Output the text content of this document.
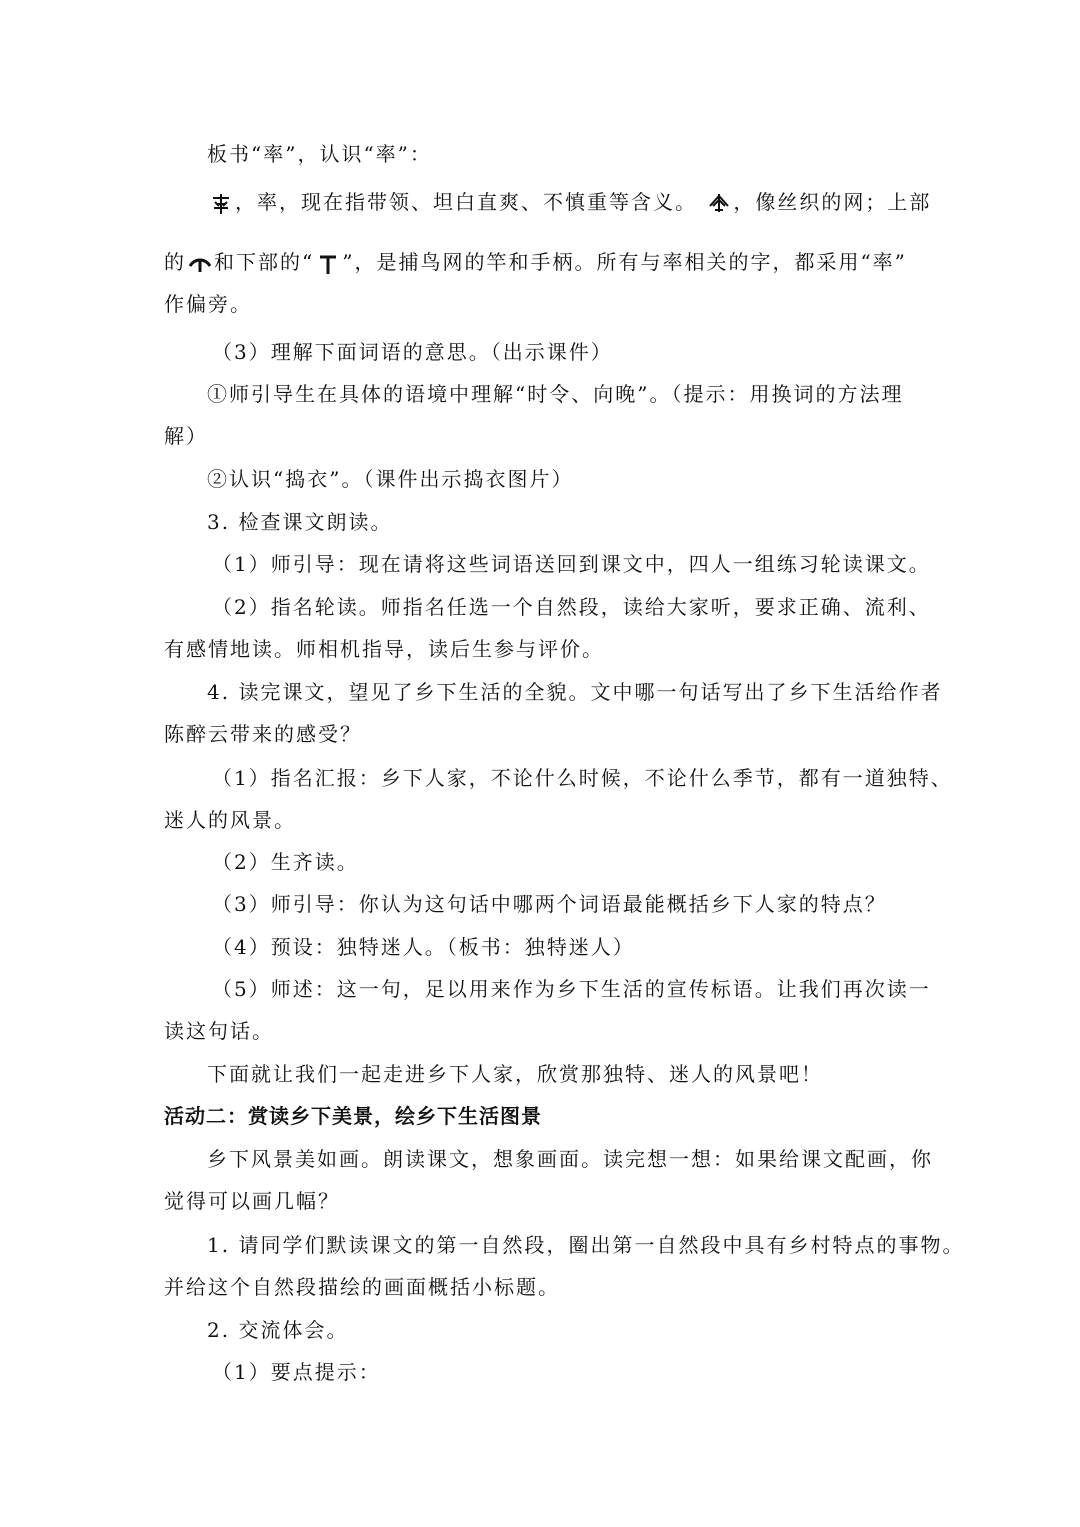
板书“率”，认识“率”：
，率，现在指带领、坦白直爽、不慎重等含义。 ，像丝织的网；上部
的 和下部的“ ”，是捕鸟网的竿和手柄。所有与率相关的字，都采用“率”
作偏旁。
（3）理解下面词语的意思。（出示课件）
①师引导生在具体的语境中理解“时令、向晚”。（提示：用换词的方法理
解）
②认识“捣衣”。（课件出示捣衣图片）
3. 检查课文朗读。
（1）师引导：现在请将这些词语送回到课文中，四人一组练习轮读课文。
（2）指名轮读。师指名任选一个自然段，读给大家听，要求正确、流利、
有感情地读。师相机指导，读后生参与评价。
4. 读完课文，望见了乡下生活的全貌。文中哪一句话写出了乡下生活给作者
陈醉云带来的感受？
（1）指名汇报：乡下人家，不论什么时候，不论什么季节，都有一道独特、
迷人的风景。
（2）生齐读。
（3）师引导：你认为这句话中哪两个词语最能概括乡下人家的特点？
（4）预设：独特迷人。（板书：独特迷人）
（5）师述：这一句，足以用来作为乡下生活的宣传标语。让我们再次读一
读这句话。
下面就让我们一起走进乡下人家，欣赏那独特、迷人的风景吧！
活动二：赏读乡下美景，绘乡下生活图景
乡下风景美如画。朗读课文，想象画面。读完想一想：如果给课文配画，你
觉得可以画几幅？
1. 请同学们默读课文的第一自然段，圈出第一自然段中具有乡村特点的事物。
并给这个自然段描绘的画面概括小标题。
2. 交流体会。
（1）要点提示：
